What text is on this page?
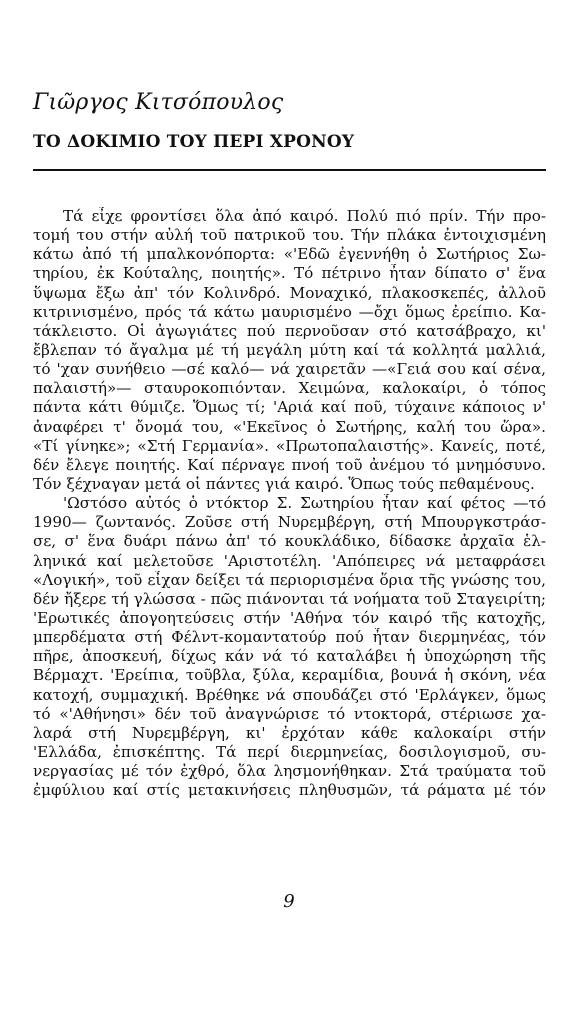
Γιῶργος Κιτσόπουλος
ΤΟ ΔΟΚΙΜΙΟ ΤΟΥ ΠΕΡΙ ΧΡΟΝΟΥ
Τά εἶχε φροντίσει ὅλα ἀπό καιρό. Πολύ πιό πρίν. Τήν προ-
τομή του στήν αὐλή τοῦ πατρικοῦ του. Τήν πλάκα ἐντοιχισμένη
κάτω ἀπό τή μπαλκονόπορτα: «'Εδῶ ἐγεννήθη ὁ Σωτήριος Σω-
τηρίου, ἐκ Κούταλης, ποιητής». Τό πέτρινο ἦταν δίπατο σ' ἕνα
ὕψωμα ἔξω ἀπ' τόν Κολινδρό. Μοναχικό, πλακοσκεπές, ἀλλοῦ
κιτρινισμένο, πρός τά κάτω μαυρισμένο —ὄχι ὅμως ἐρείπιο. Κα-
τάκλειστο. Οἱ ἀγωγιάτες πού περνοῦσαν στό κατσάβραχο, κι'
ἔβλεπαν τό ἄγαλμα μέ τή μεγάλη μύτη καί τά κολλητά μαλλιά,
τό 'χαν συνήθειο —σέ καλό— νά χαιρετᾶν —«Γειά σου καί σένα,
παλαιστή»— σταυροκοπιόνταν. Χειμώνα, καλοκαίρι, ὁ τόπος
πάντα κάτι θύμιζε. Ὅμως τί; 'Αριά καί ποῦ, τύχαινε κάποιος ν'
ἀναφέρει τ' ὄνομά του, «'Εκεῖνος ὁ Σωτήρης, καλή του ὥρα».
«Τί γίνηκε»; «Στή Γερμανία». «Πρωτοπαλαιστής». Κανείς, ποτέ,
δέν ἔλεγε ποιητής. Καί πέρναγε πνοή τοῦ ἀνέμου τό μνημόσυνο.
Τόν ξέχναγαν μετά οἱ πάντες γιά καιρό. Ὅπως τούς πεθαμένους.
'Ωστόσο αὐτός ὁ ντόκτορ Σ. Σωτηρίου ἦταν καί φέτος —τό
1990— ζωντανός. Ζοῦσε στή Νυρεμβέργη, στή Μπουργκστράσ-
σε, σ' ἕνα δυάρι πάνω ἀπ' τό κουκλάδικο, δίδασκε ἀρχαῖα ἑλ-
ληνικά καί μελετοῦσε 'Αριστοτέλη. 'Απόπειρες νά μεταφράσει
«Λογική», τοῦ εἶχαν δείξει τά περιορισμένα ὅρια τῆς γνώσης του,
δέν ἤξερε τή γλώσσα - πῶς πιάνονται τά νοήματα τοῦ Σταγειρίτη;
'Ερωτικές ἀπογοητεύσεις στήν 'Αθήνα τόν καιρό τῆς κατοχῆς,
μπερδέματα στή Φέλντ-κομαντατούρ πού ἦταν διερμηνέας, τόν
πῆρε, ἀποσκευή, δίχως κάν νά τό καταλάβει ἡ ὑποχώρηση τῆς
Βέρμαχτ. 'Ερείπια, τοῦβλα, ξύλα, κεραμίδια, βουνά ἡ σκόνη, νέα
κατοχή, συμμαχική. Βρέθηκε νά σπουδάζει στό 'Ερλάγκεν, ὅμως
τό «'Αθήνησι» δέν τοῦ ἀναγνώρισε τό ντοκτορά, στέριωσε χα-
λαρά στή Νυρεμβέργη, κι' ἐρχόταν κάθε καλοκαίρι στήν
'Ελλάδα, ἐπισκέπτης. Τά περί διερμηνείας, δοσιλογισμοῦ, συ-
νεργασίας μέ τόν ἐχθρό, ὅλα λησμονήθηκαν. Στά τραύματα τοῦ
ἐμφύλιου καί στίς μετακινήσεις πληθυσμῶν, τά ράματα μέ τόν
9
